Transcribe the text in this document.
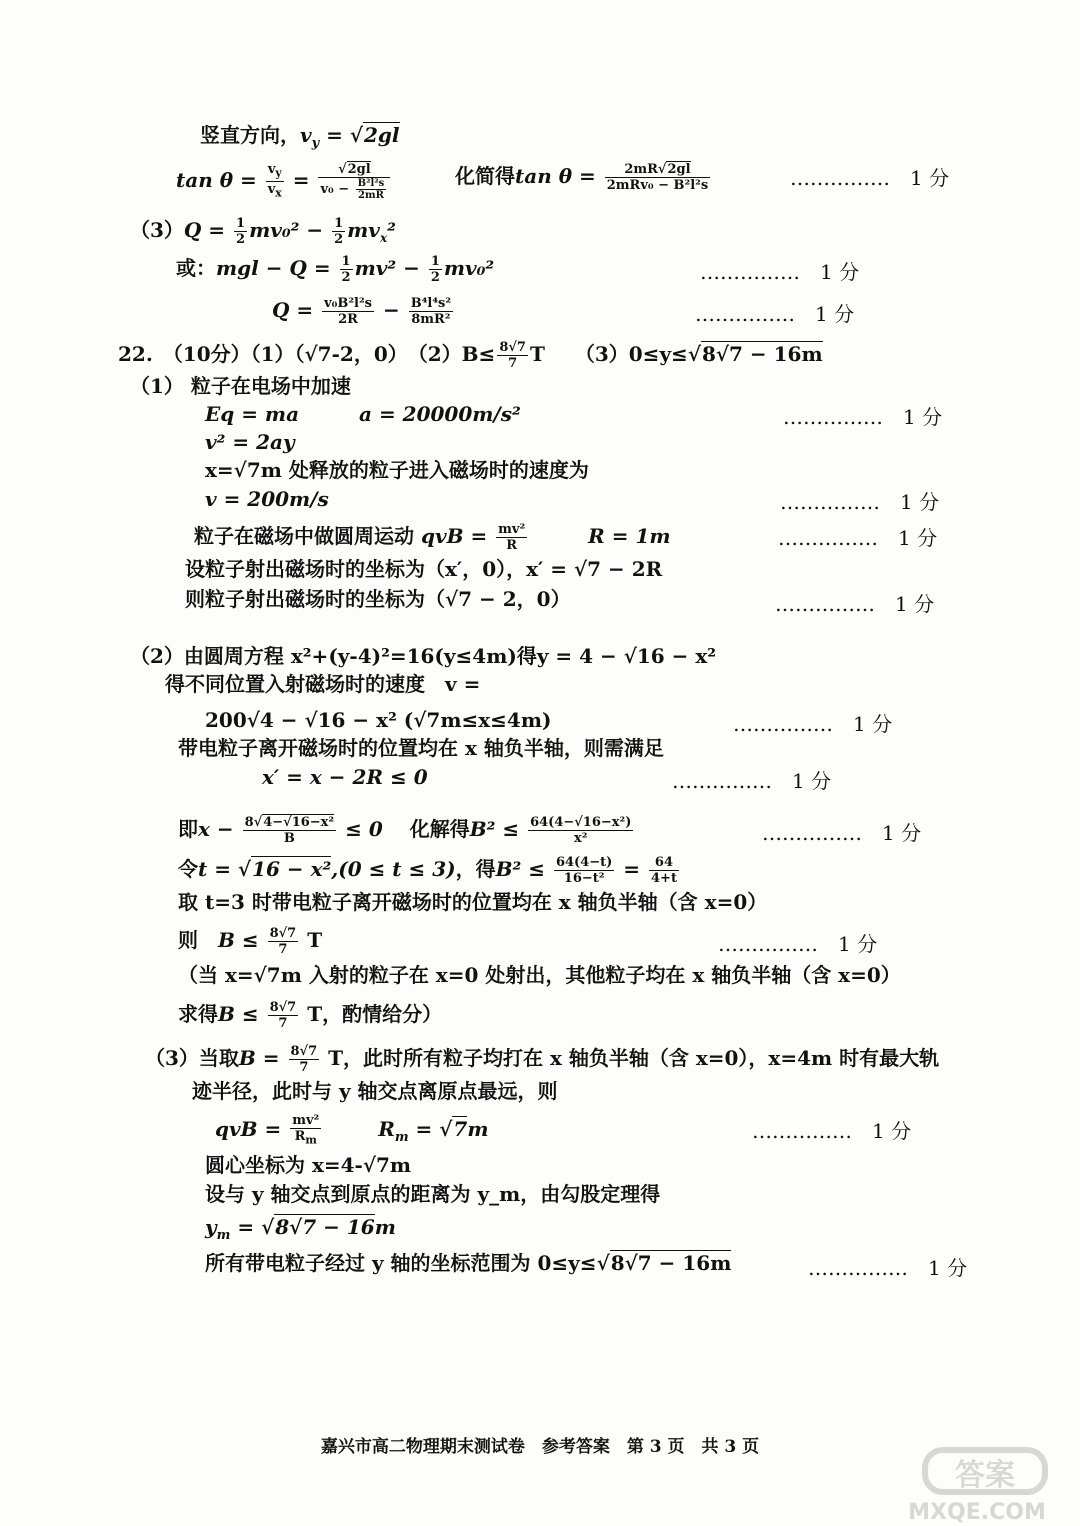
竖直方向，$v_y = √2gl$
$\tan \theta = \frac{v_y}{v_x} = \frac{√2gl}{v_0 - \frac{\text{B²l²s}}{2mR}}$	化简得$\tan \theta = \frac{2mR√2gl}{\text{2mRv₀ − B²l²s}}$	……………　 1 分
$(3)Q = \frac{1}{2} mv_0^2 - \frac{1}{2} mv_x^2$
或：mgl − $Q = \frac{1}{2} mv^2 - \frac{1}{2} mv_0^2$	……………　 1 分
$Q = \frac{\text{v₀B²l²s}}{2R} - \frac{\text{B⁴l⁴s²}}{\text{8mR²}}$	……………　 1 分
22.　（10分）（1）（√7-2，0）　$(2)B\le \frac{8√7}{7}$ T　　（3）0≤y≤√8√7 − 16m
（1） 粒子在电场中加速
Eq = ma　　　a = 20000m/s²	……………　 1 分
v² = 2ay
x=√7m 处释放的粒子进入磁场时的速度为
v = 200m/s	……………　 1 分
粒子在磁场中做圆周运动 qvB = $\frac{\text{mv²}}{R}$	R = 1m	……………　 1 分
设粒子射出磁场时的坐标为（x′，0），x′ = √7 − 2R
则粒子射出磁场时的坐标为（√7 − 2，0）	……………　 1 分
（2）由圆周方程 x²+(y-4)²=16(y≤4m)得y = 4 − √16 − x²
得不同位置入射磁场时的速度　v =
200√4 − √16 − x² (√7m≤x≤4m)	……………　 1 分
带电粒子离开磁场时的位置均在 x 轴负半轴，则需满足
x′ = x − 2R ≤ 0	……………　 1 分
即$x - \frac{\text{8√4−√16−x²}}{B} \le 0$ 　 化解得$B^2 \le \frac{\text{64(4−√16−x²)}}{\text{x²}}$	……………　 1 分
令t = √16 − x²,(0 ≤ t ≤ 3)，得$B^2 \le \frac{64(4-t)}{\text{16−t²}} = \frac{64}{4+t}$
取 t=3 时带电粒子离开磁场时的位置均在 x 轴负半轴（含 x=0）
则　 $B \le \frac{8√7}{7}$ T	……………　 1 分
（当 x=√7m 入射的粒子在 x=0 处射出，其他粒子均在 x 轴负半轴（含 x=0）
求得$B \le \frac{8√7}{7}$ T，酌情给分）
（3）当取$B = \frac{8√7}{7}$ T，此时所有粒子均打在 x 轴负半轴（含 x=0），x=4m 时有最大轨
迹半径，此时与 y 轴交点离原点最远，则
qvB = $\frac{\text{mv²}}{R_m}$	$R_m = √7m$	……………　 1 分
圆心坐标为 x=4-√7m
设与 y 轴交点到原点的距离为 y_m，由勾股定理得
$y_m = √8√7 - 16m$
所有带电粒子经过 y 轴的坐标范围为 0≤y≤√8√7 − 16m	……………　 1 分
嘉兴市高二物理期末测试卷　参考答案　第 3 页　共 3 页
答案
MXQE.COM
